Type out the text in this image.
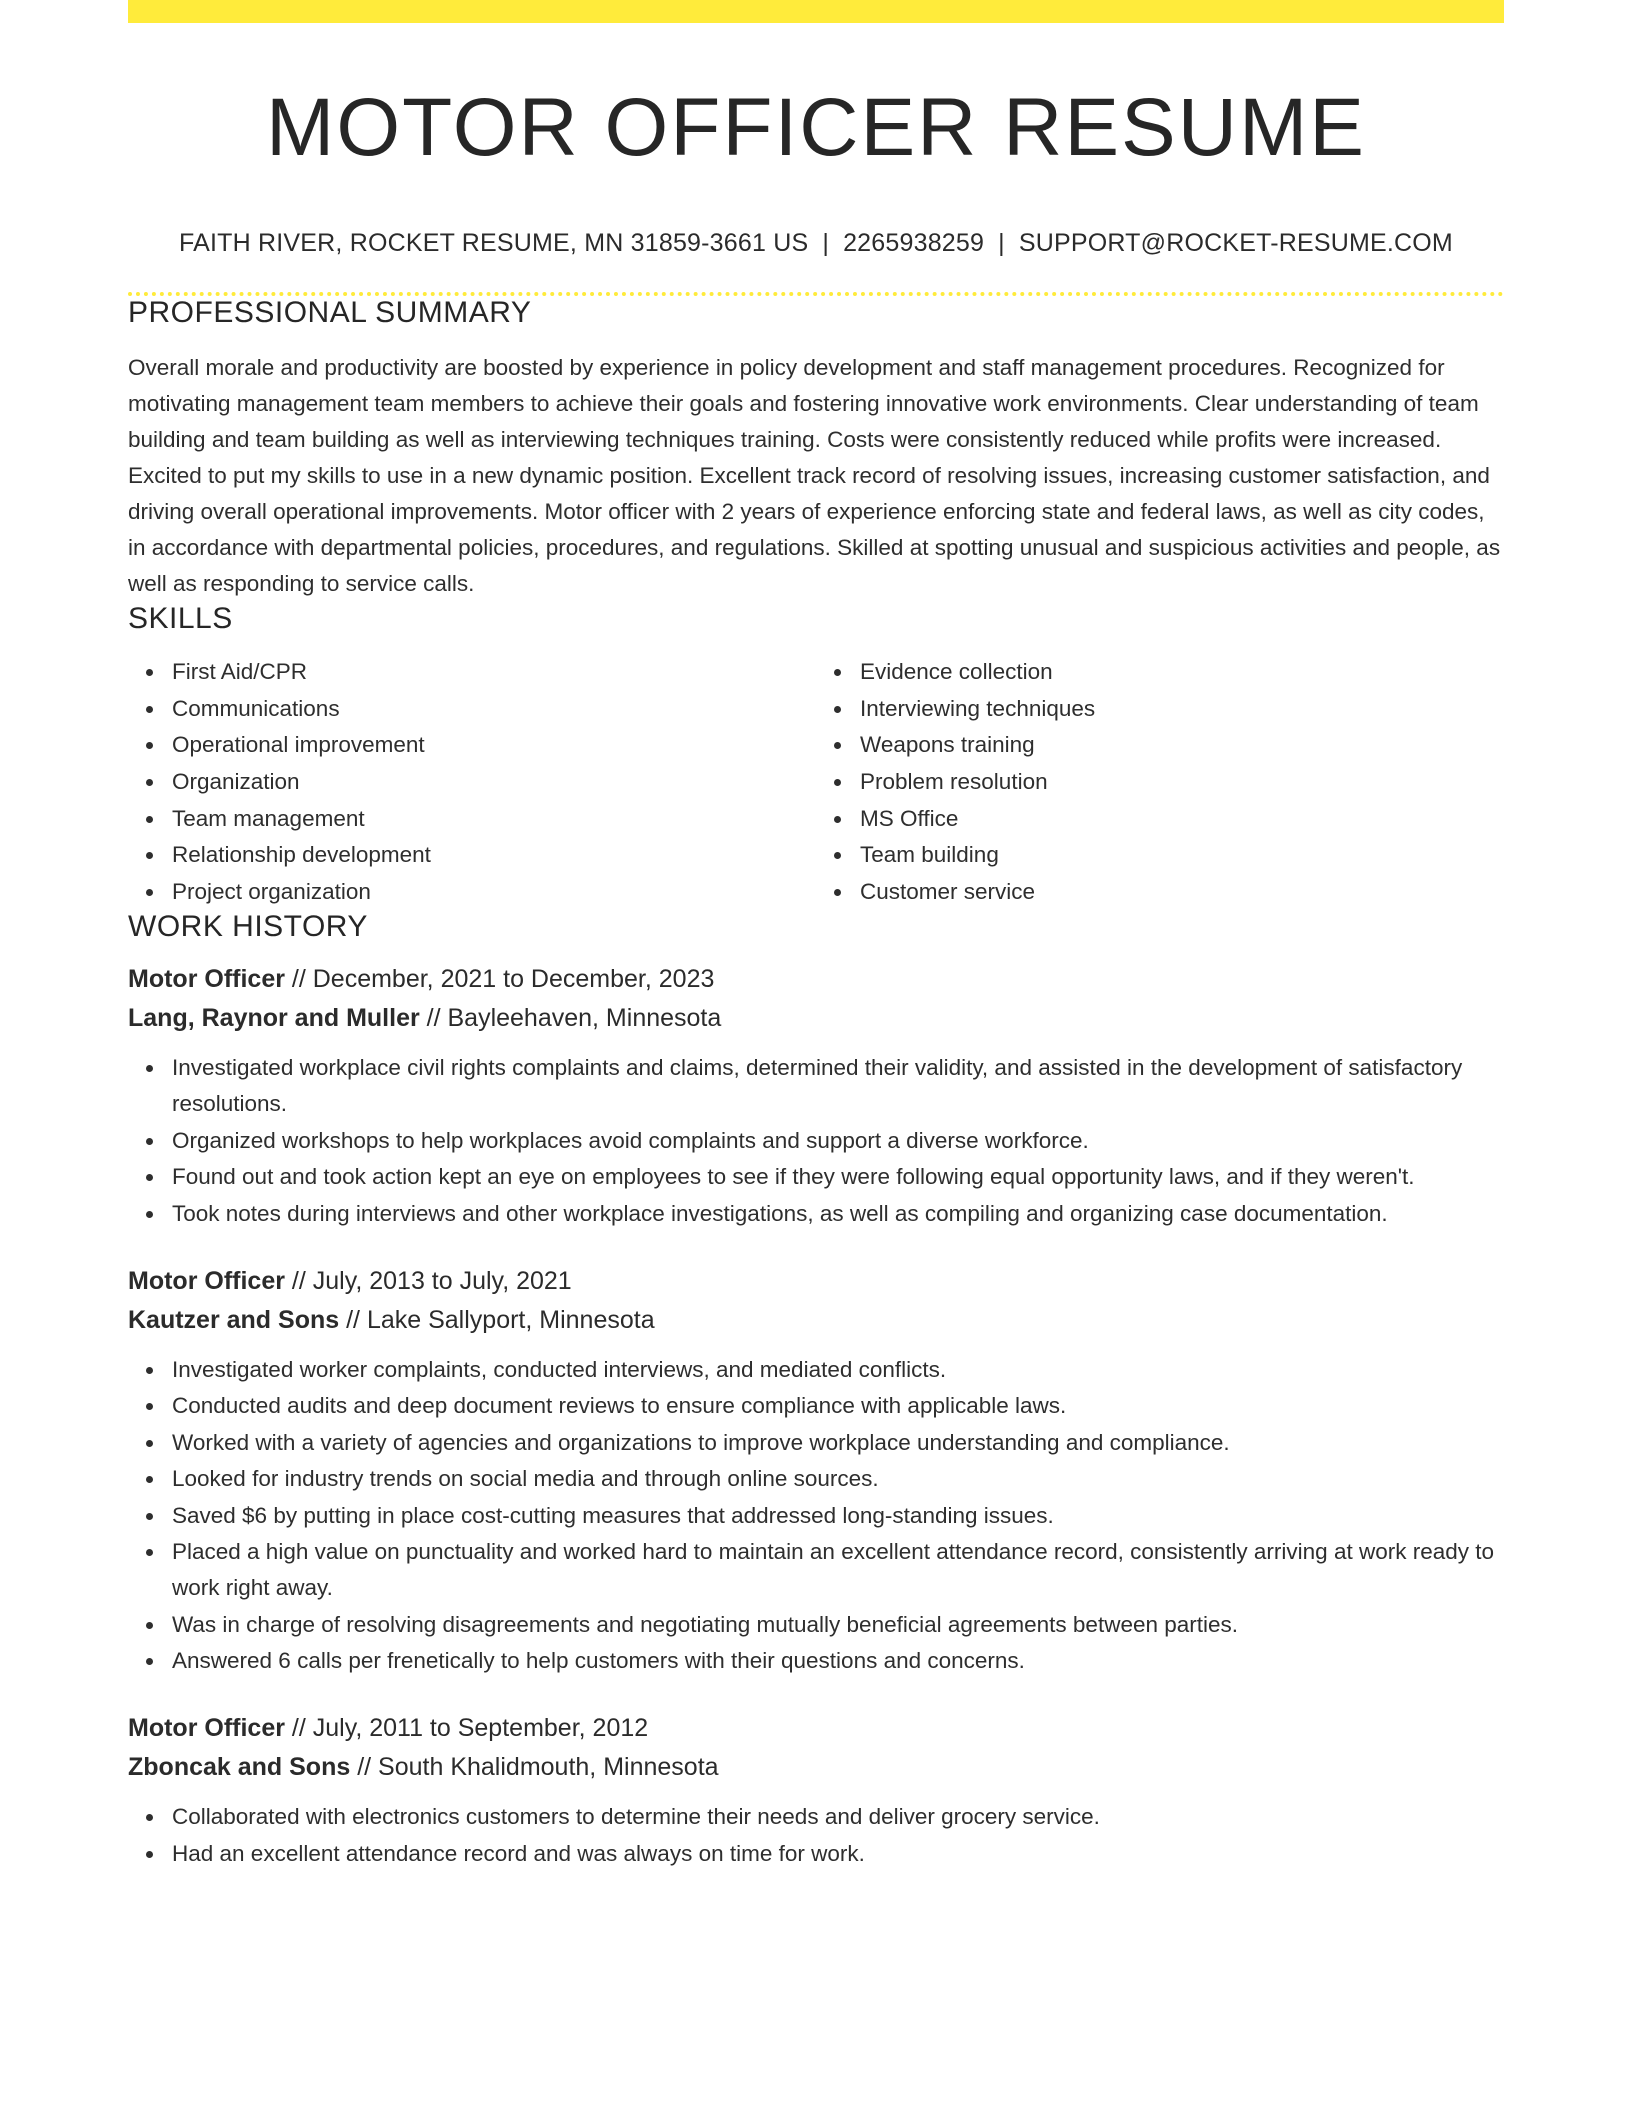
MOTOR OFFICER RESUME
FAITH RIVER, ROCKET RESUME, MN 31859-3661 US | 2265938259 | SUPPORT@ROCKET-RESUME.COM
PROFESSIONAL SUMMARY

Overall morale and productivity are boosted by experience in policy development and staff management procedures. Recognized for motivating management team members to achieve their goals and fostering innovative work environments. Clear understanding of team building and team building as well as interviewing techniques training. Costs were consistently reduced while profits were increased. Excited to put my skills to use in a new dynamic position. Excellent track record of resolving issues, increasing customer satisfaction, and driving overall operational improvements. Motor officer with 2 years of experience enforcing state and federal laws, as well as city codes, in accordance with departmental policies, procedures, and regulations. Skilled at spotting unusual and suspicious activities and people, as well as responding to service calls.

SKILLS
First Aid/CPR
Communications
Operational improvement
Organization
Team management
Relationship development
Project organization
Evidence collection
Interviewing techniques
Weapons training
Problem resolution
MS Office
Team building
Customer service
WORK HISTORY
Motor Officer // December, 2021 to December, 2023
Lang, Raynor and Muller // Bayleehaven, Minnesota
Investigated workplace civil rights complaints and claims, determined their validity, and assisted in the development of satisfactory resolutions.
Organized workshops to help workplaces avoid complaints and support a diverse workforce.
Found out and took action kept an eye on employees to see if they were following equal opportunity laws, and if they weren't.
Took notes during interviews and other workplace investigations, as well as compiling and organizing case documentation.
Motor Officer // July, 2013 to July, 2021
Kautzer and Sons // Lake Sallyport, Minnesota
Investigated worker complaints, conducted interviews, and mediated conflicts.
Conducted audits and deep document reviews to ensure compliance with applicable laws.
Worked with a variety of agencies and organizations to improve workplace understanding and compliance.
Looked for industry trends on social media and through online sources.
Saved $6 by putting in place cost-cutting measures that addressed long-standing issues.
Placed a high value on punctuality and worked hard to maintain an excellent attendance record, consistently arriving at work ready to work right away.
Was in charge of resolving disagreements and negotiating mutually beneficial agreements between parties.
Answered 6 calls per frenetically to help customers with their questions and concerns.
Motor Officer // July, 2011 to September, 2012
Zboncak and Sons // South Khalidmouth, Minnesota
Collaborated with electronics customers to determine their needs and deliver grocery service.
Had an excellent attendance record and was always on time for work.
